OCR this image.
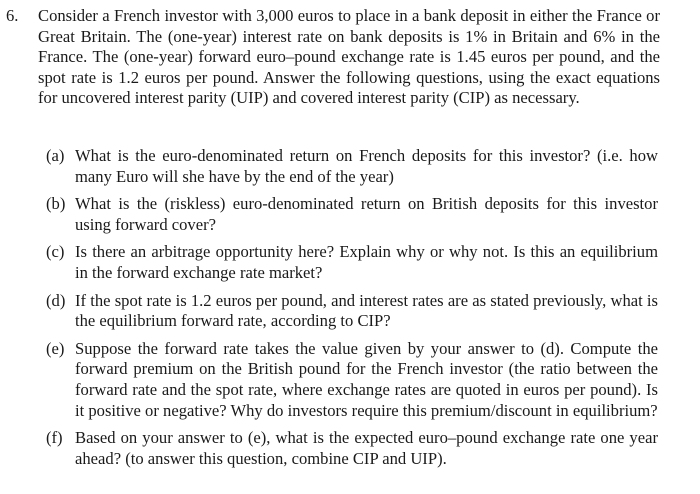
6. Consider a French investor with 3,000 euros to place in a bank deposit in either the France or Great Britain. The (one-year) interest rate on bank deposits is 1% in Britain and 6% in the France. The (one-year) forward euro–pound exchange rate is 1.45 euros per pound, and the spot rate is 1.2 euros per pound. Answer the following questions, using the exact equations for uncovered interest parity (UIP) and covered interest parity (CIP) as necessary.
(a) What is the euro-denominated return on French deposits for this investor? (i.e. how many Euro will she have by the end of the year)
(b) What is the (riskless) euro-denominated return on British deposits for this investor using forward cover?
(c) Is there an arbitrage opportunity here? Explain why or why not. Is this an equilibrium in the forward exchange rate market?
(d) If the spot rate is 1.2 euros per pound, and interest rates are as stated previously, what is the equilibrium forward rate, according to CIP?
(e) Suppose the forward rate takes the value given by your answer to (d). Compute the forward premium on the British pound for the French investor (the ratio between the forward rate and the spot rate, where exchange rates are quoted in euros per pound). Is it positive or negative? Why do investors require this premium/discount in equilibrium?
(f) Based on your answer to (e), what is the expected euro–pound exchange rate one year ahead? (to answer this question, combine CIP and UIP).
